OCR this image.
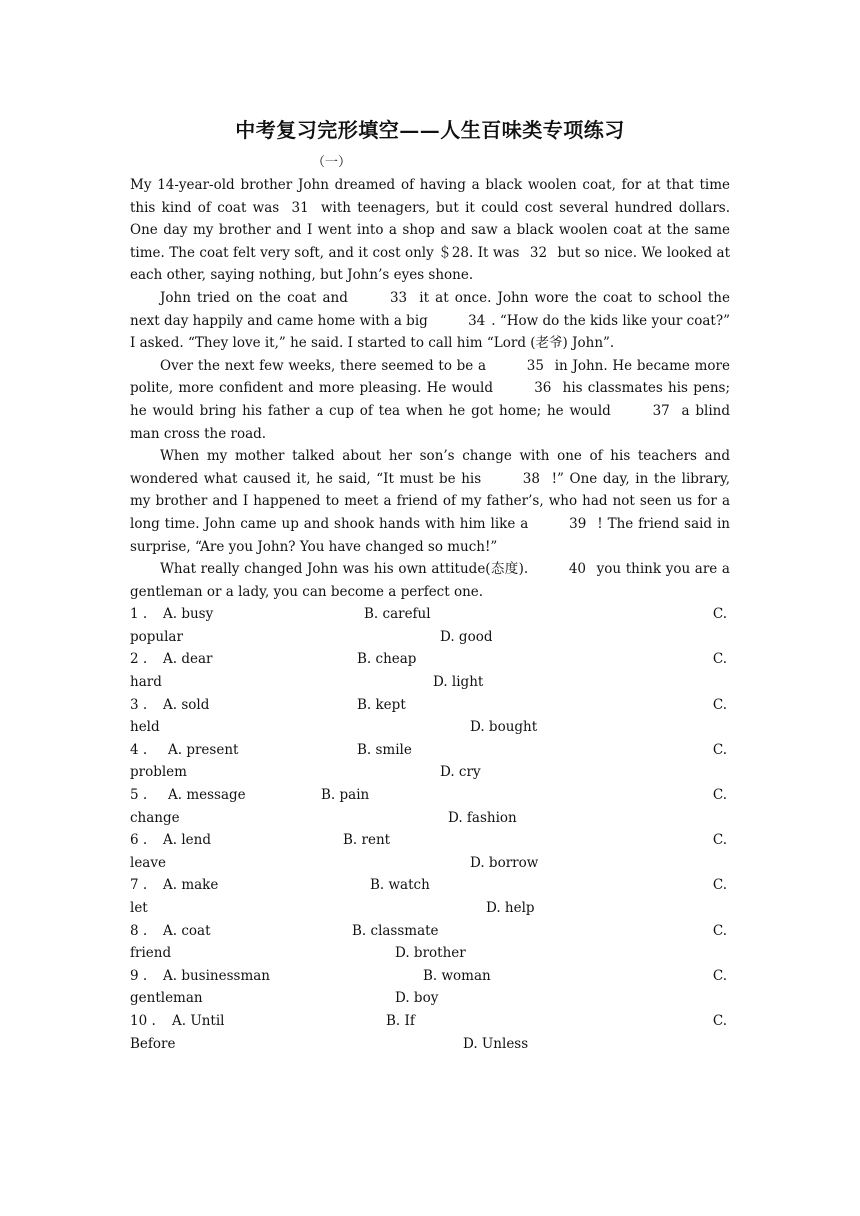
中考复习完形填空——人生百味类专项练习
（一）

My 14-year-old brother John dreamed of having a black woolen coat, for at that time this kind of coat was 31 with teenagers, but it could cost several hundred dollars. One day my brother and I went into a shop and saw a black woolen coat at the same time. The coat felt very soft, and it cost only ＄28. It was 32 but so nice. We looked at each other, saying nothing, but John’s eyes shone.

John tried on the coat and	33 it at once. John wore the coat to school the next day happily and came home with a big	34 . “How do the kids like your coat?” I asked. “They love it,” he said. I started to call him “Lord (老爷) John”.

Over the next few weeks, there seemed to be a	35 in John. He became more polite, more confident and more pleasing. He would	36 his classmates his pens; he would bring his father a cup of tea when he got home; he would	37 a blind man cross the road.

When my mother talked about her son’s change with one of his teachers and wondered what caused it, he said, “It must be his	38 !” One day, in the library, my brother and I happened to meet a friend of my father’s, who had not seen us for a long time. John came up and shook hands with him like a	39 ! The friend said in surprise, “Are you John? You have changed so much!”

What really changed John was his own attitude(态度).	40 you think you are a gentleman or a lady, you can become a perfect one.

1 . A. busy	B. careful	C.
popular	D. good
2 . A. dear	B. cheap	C.
hard	D. light
3 . A. sold	B. kept	C.
held	D. bought
4 . A. present	B. smile	C.
problem	D. cry
5 . A. message	B. pain	C.
change	D. fashion
6 . A. lend	B. rent	C.
leave	D. borrow
7 . A. make	B. watch	C.
let	D. help
8 . A. coat	B. classmate	C.
friend	D. brother
9 . A. businessman	B. woman	C.
gentleman	D. boy
10 . A. Until	B. If	C.
Before	D. Unless
